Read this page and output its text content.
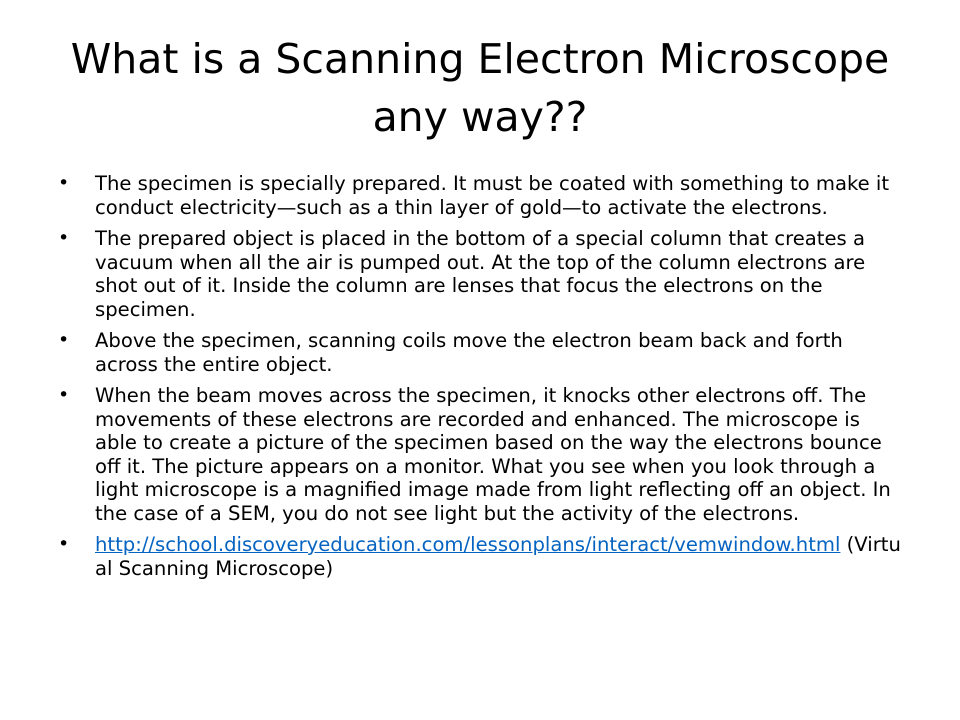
What is a Scanning Electron Microscope any way??
• The specimen is specially prepared. It must be coated with something to make it conduct electricity—such as a thin layer of gold—to activate the electrons.
• The prepared object is placed in the bottom of a special column that creates a vacuum when all the air is pumped out. At the top of the column electrons are shot out of it. Inside the column are lenses that focus the electrons on the specimen.
• Above the specimen, scanning coils move the electron beam back and forth across the entire object.
• When the beam moves across the specimen, it knocks other electrons off. The movements of these electrons are recorded and enhanced. The microscope is able to create a picture of the specimen based on the way the electrons bounce off it. The picture appears on a monitor. What you see when you look through a light microscope is a magnified image made from light reflecting off an object. In the case of a SEM, you do not see light but the activity of the electrons.
• http://school.discoveryeducation.com/lessonplans/interact/vemwindow.html (Virtual Scanning Microscope)
